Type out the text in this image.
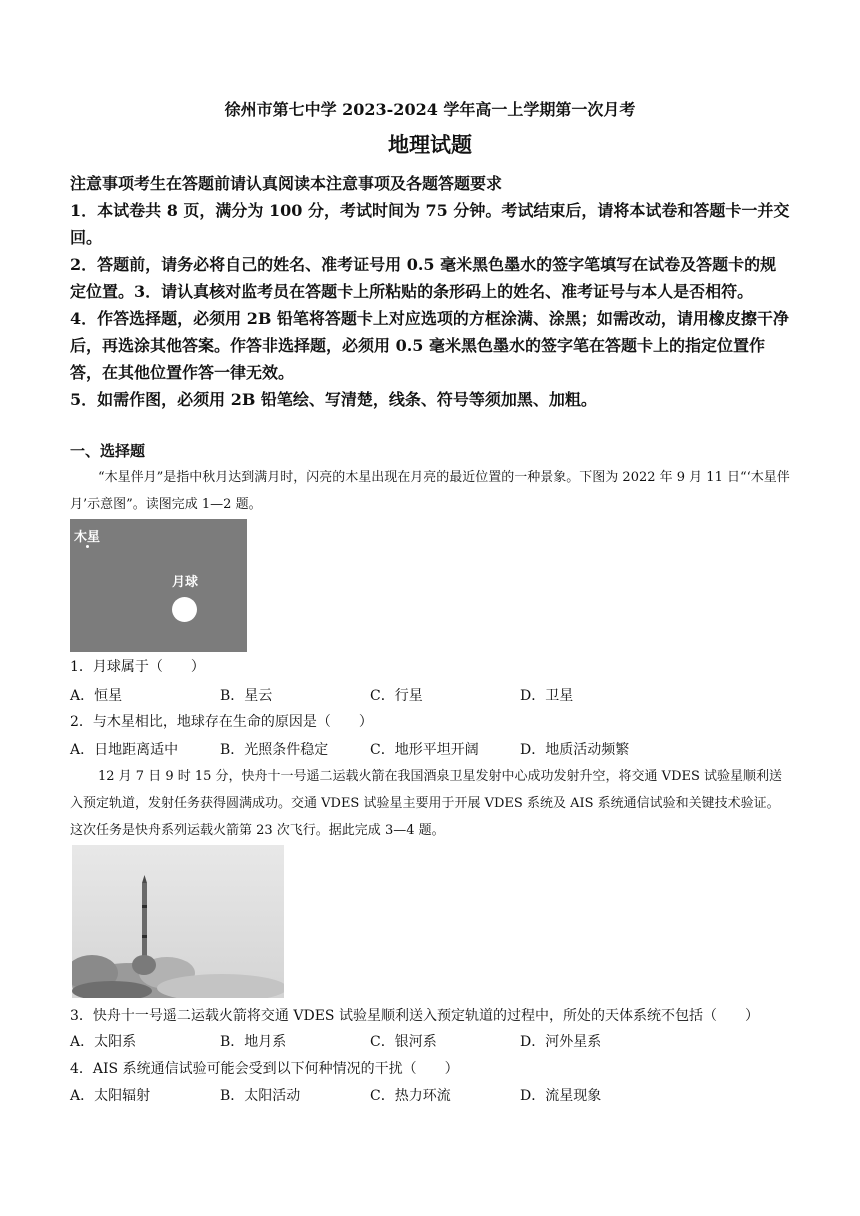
徐州市第七中学 2023-2024 学年高一上学期第一次月考
地理试题

注意事项考生在答题前请认真阅读本注意事项及各题答题要求

1．本试卷共 8 页，满分为 100 分，考试时间为 75 分钟。考试结束后，请将本试卷和答题卡一并交回。

2．答题前，请务必将自己的姓名、准考证号用 0.5 毫米黑色墨水的签字笔填写在试卷及答题卡的规定位置。3．请认真核对监考员在答题卡上所粘贴的条形码上的姓名、准考证号与本人是否相符。

4．作答选择题，必须用 2B 铅笔将答题卡上对应选项的方框涂满、涂黑；如需改动，请用橡皮擦干净后，再选涂其他答案。作答非选择题，必须用 0.5 毫米黑色墨水的签字笔在答题卡上的指定位置作答，在其他位置作答一律无效。

5．如需作图，必须用 2B 铅笔绘、写清楚，线条、符号等须加黑、加粗。

一、选择题

“木星伴月”是指中秋月达到满月时，闪亮的木星出现在月亮的最近位置的一种景象。下图为 2022 年 9 月 11 日“‘木星伴月’示意图”。读图完成 1—2 题。

木星
月球
1．月球属于（　　）
A．恒星	B．星云	C．行星	D．卫星
2．与木星相比，地球存在生命的原因是（　　）
A．日地距离适中	B．光照条件稳定	C．地形平坦开阔	D．地质活动频繁

12 月 7 日 9 时 15 分，快舟十一号遥二运载火箭在我国酒泉卫星发射中心成功发射升空，将交通 VDES 试验星顺利送入预定轨道，发射任务获得圆满成功。交通 VDES 试验星主要用于开展 VDES 系统及 AIS 系统通信试验和关键技术验证。这次任务是快舟系列运载火箭第 23 次飞行。据此完成 3—4 题。

3．快舟十一号遥二运载火箭将交通 VDES 试验星顺利送入预定轨道的过程中，所处的天体系统不包括（　　）
A．太阳系	B．地月系	C．银河系	D．河外星系
4．AIS 系统通信试验可能会受到以下何种情况的干扰（　　）
A．太阳辐射	B．太阳活动	C．热力环流	D．流星现象
